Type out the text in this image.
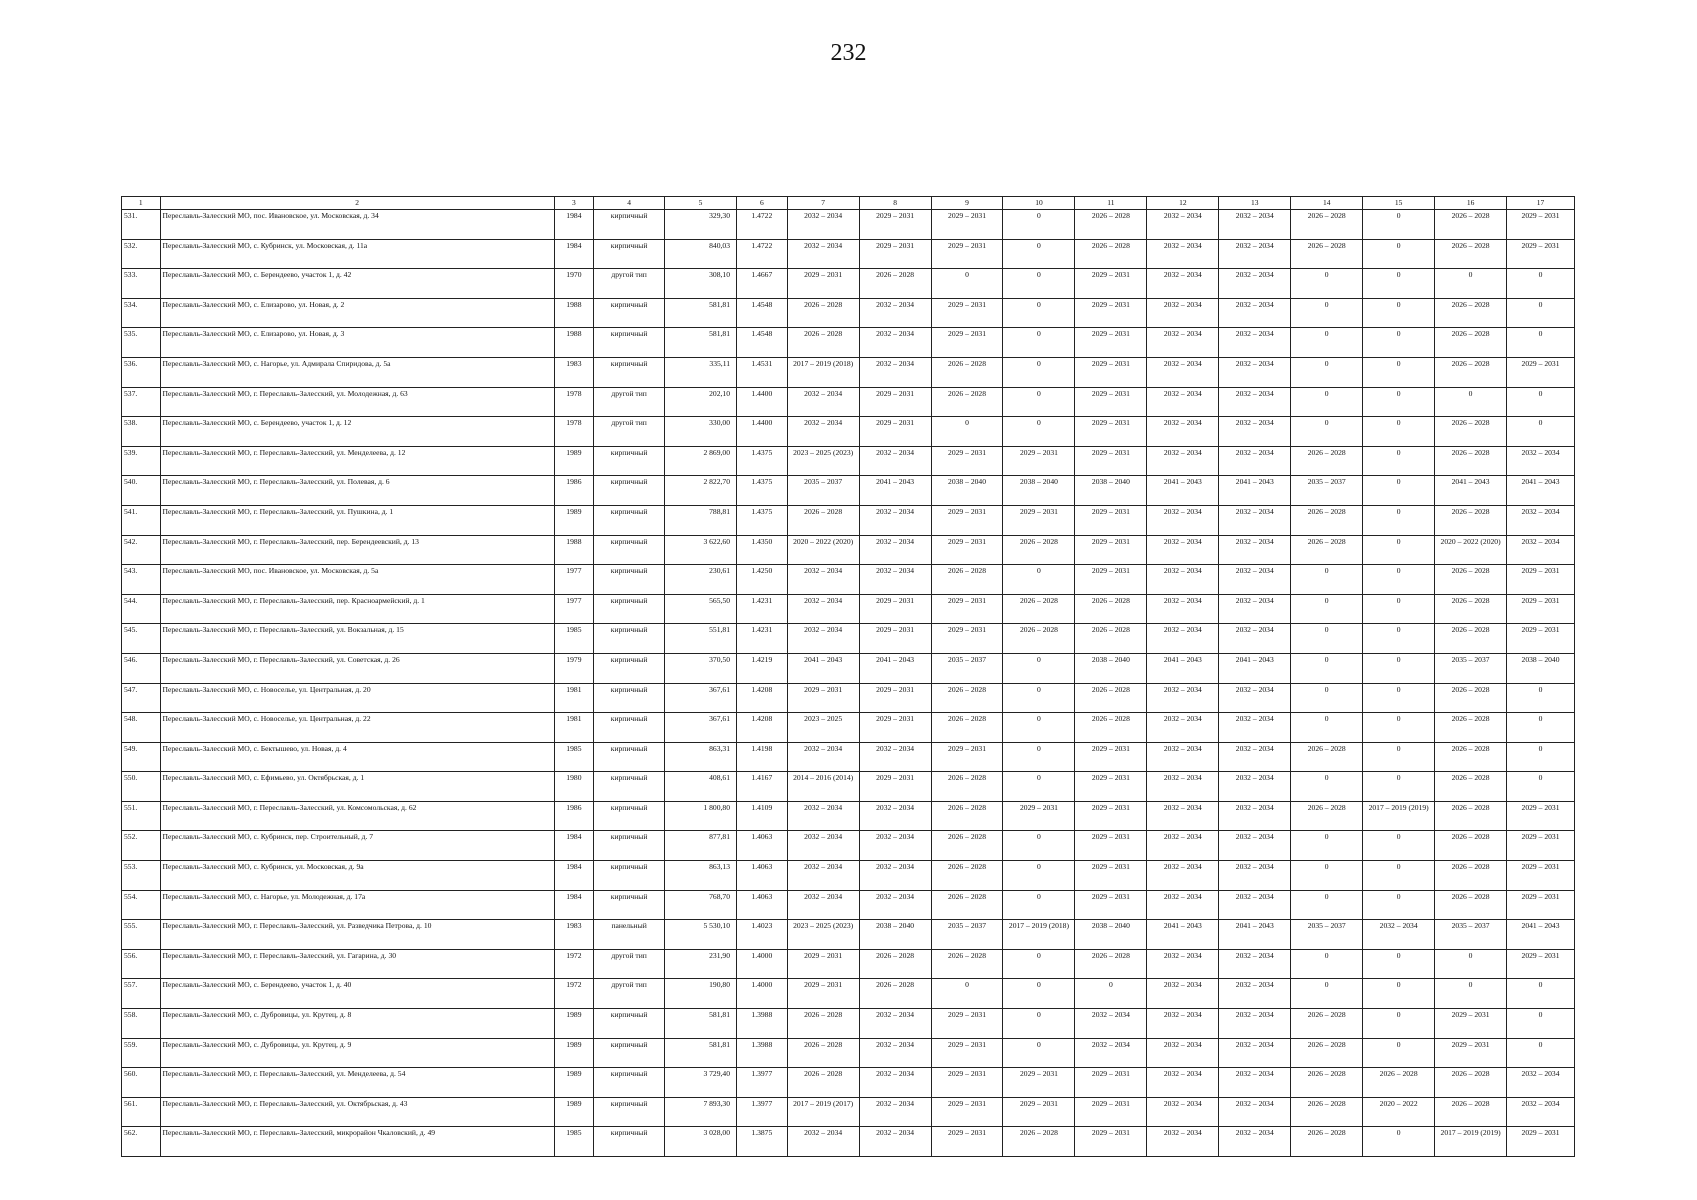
232
1	2	3	4	5	6	7	8	9	10	11	12	13	14	15	16	17
531.	Переславль-Залесский МО, пос. Ивановское, ул. Московская, д. 34	1984	кирпичный	329,30	1.4722	2032 – 2034	2029 – 2031	2029 – 2031	0	2026 – 2028	2032 – 2034	2032 – 2034	2026 – 2028	0	2026 – 2028	2029 – 2031
532.	Переславль-Залесский МО, с. Кубринск, ул. Московская, д. 11а	1984	кирпичный	840,03	1.4722	2032 – 2034	2029 – 2031	2029 – 2031	0	2026 – 2028	2032 – 2034	2032 – 2034	2026 – 2028	0	2026 – 2028	2029 – 2031
533.	Переславль-Залесский МО, с. Берендеево, участок 1, д. 42	1970	другой тип	308,10	1.4667	2029 – 2031	2026 – 2028	0	0	2029 – 2031	2032 – 2034	2032 – 2034	0	0	0	0
534.	Переславль-Залесский МО, с. Елизарово, ул. Новая, д. 2	1988	кирпичный	581,81	1.4548	2026 – 2028	2032 – 2034	2029 – 2031	0	2029 – 2031	2032 – 2034	2032 – 2034	0	0	2026 – 2028	0
535.	Переславль-Залесский МО, с. Елизарово, ул. Новая, д. 3	1988	кирпичный	581,81	1.4548	2026 – 2028	2032 – 2034	2029 – 2031	0	2029 – 2031	2032 – 2034	2032 – 2034	0	0	2026 – 2028	0
536.	Переславль-Залесский МО, с. Нагорье, ул. Адмирала Спиридова, д. 5а	1983	кирпичный	335,11	1.4531	2017 – 2019 (2018)	2032 – 2034	2026 – 2028	0	2029 – 2031	2032 – 2034	2032 – 2034	0	0	2026 – 2028	2029 – 2031
537.	Переславль-Залесский МО, г. Переславль-Залесский, ул. Молодежная, д. 63	1978	другой тип	202,10	1.4400	2032 – 2034	2029 – 2031	2026 – 2028	0	2029 – 2031	2032 – 2034	2032 – 2034	0	0	0	0
538.	Переславль-Залесский МО, с. Берендеево, участок 1, д. 12	1978	другой тип	330,00	1.4400	2032 – 2034	2029 – 2031	0	0	2029 – 2031	2032 – 2034	2032 – 2034	0	0	2026 – 2028	0
539.	Переславль-Залесский МО, г. Переславль-Залесский, ул. Менделеева, д. 12	1989	кирпичный	2 869,00	1.4375	2023 – 2025 (2023)	2032 – 2034	2029 – 2031	2029 – 2031	2029 – 2031	2032 – 2034	2032 – 2034	2026 – 2028	0	2026 – 2028	2032 – 2034
540.	Переславль-Залесский МО, г. Переславль-Залесский, ул. Полевая, д. 6	1986	кирпичный	2 822,70	1.4375	2035 – 2037	2041 – 2043	2038 – 2040	2038 – 2040	2038 – 2040	2041 – 2043	2041 – 2043	2035 – 2037	0	2041 – 2043	2041 – 2043
541.	Переславль-Залесский МО, г. Переславль-Залесский, ул. Пушкина, д. 1	1989	кирпичный	788,81	1.4375	2026 – 2028	2032 – 2034	2029 – 2031	2029 – 2031	2029 – 2031	2032 – 2034	2032 – 2034	2026 – 2028	0	2026 – 2028	2032 – 2034
542.	Переславль-Залесский МО, г. Переславль-Залесский, пер. Берендеевский, д. 13	1988	кирпичный	3 622,60	1.4350	2020 – 2022 (2020)	2032 – 2034	2029 – 2031	2026 – 2028	2029 – 2031	2032 – 2034	2032 – 2034	2026 – 2028	0	2020 – 2022 (2020)	2032 – 2034
543.	Переславль-Залесский МО, пос. Ивановское, ул. Московская, д. 5а	1977	кирпичный	230,61	1.4250	2032 – 2034	2032 – 2034	2026 – 2028	0	2029 – 2031	2032 – 2034	2032 – 2034	0	0	2026 – 2028	2029 – 2031
544.	Переславль-Залесский МО, г. Переславль-Залесский, пер. Красноармейский, д. 1	1977	кирпичный	565,50	1.4231	2032 – 2034	2029 – 2031	2029 – 2031	2026 – 2028	2026 – 2028	2032 – 2034	2032 – 2034	0	0	2026 – 2028	2029 – 2031
545.	Переславль-Залесский МО, г. Переславль-Залесский, ул. Вокзальная, д. 15	1985	кирпичный	551,81	1.4231	2032 – 2034	2029 – 2031	2029 – 2031	2026 – 2028	2026 – 2028	2032 – 2034	2032 – 2034	0	0	2026 – 2028	2029 – 2031
546.	Переславль-Залесский МО, г. Переславль-Залесский, ул. Советская, д. 26	1979	кирпичный	370,50	1.4219	2041 – 2043	2041 – 2043	2035 – 2037	0	2038 – 2040	2041 – 2043	2041 – 2043	0	0	2035 – 2037	2038 – 2040
547.	Переславль-Залесский МО, с. Новоселье, ул. Центральная, д. 20	1981	кирпичный	367,61	1.4208	2029 – 2031	2029 – 2031	2026 – 2028	0	2026 – 2028	2032 – 2034	2032 – 2034	0	0	2026 – 2028	0
548.	Переславль-Залесский МО, с. Новоселье, ул. Центральная, д. 22	1981	кирпичный	367,61	1.4208	2023 – 2025	2029 – 2031	2026 – 2028	0	2026 – 2028	2032 – 2034	2032 – 2034	0	0	2026 – 2028	0
549.	Переславль-Залесский МО, с. Бектышево, ул. Новая, д. 4	1985	кирпичный	863,31	1.4198	2032 – 2034	2032 – 2034	2029 – 2031	0	2029 – 2031	2032 – 2034	2032 – 2034	2026 – 2028	0	2026 – 2028	0
550.	Переславль-Залесский МО, с. Ефимьево, ул. Октябрьская, д. 1	1980	кирпичный	408,61	1.4167	2014 – 2016 (2014)	2029 – 2031	2026 – 2028	0	2029 – 2031	2032 – 2034	2032 – 2034	0	0	2026 – 2028	0
551.	Переславль-Залесский МО, г. Переславль-Залесский, ул. Комсомольская, д. 62	1986	кирпичный	1 800,80	1.4109	2032 – 2034	2032 – 2034	2026 – 2028	2029 – 2031	2029 – 2031	2032 – 2034	2032 – 2034	2026 – 2028	2017 – 2019 (2019)	2026 – 2028	2029 – 2031
552.	Переславль-Залесский МО, с. Кубринск, пер. Строительный, д. 7	1984	кирпичный	877,81	1.4063	2032 – 2034	2032 – 2034	2026 – 2028	0	2029 – 2031	2032 – 2034	2032 – 2034	0	0	2026 – 2028	2029 – 2031
553.	Переславль-Залесский МО, с. Кубринск, ул. Московская, д. 9а	1984	кирпичный	863,13	1.4063	2032 – 2034	2032 – 2034	2026 – 2028	0	2029 – 2031	2032 – 2034	2032 – 2034	0	0	2026 – 2028	2029 – 2031
554.	Переславль-Залесский МО, с. Нагорье, ул. Молодежная, д. 17а	1984	кирпичный	768,70	1.4063	2032 – 2034	2032 – 2034	2026 – 2028	0	2029 – 2031	2032 – 2034	2032 – 2034	0	0	2026 – 2028	2029 – 2031
555.	Переславль-Залесский МО, г. Переславль-Залесский, ул. Разведчика Петрова, д. 10	1983	панельный	5 530,10	1.4023	2023 – 2025 (2023)	2038 – 2040	2035 – 2037	2017 – 2019 (2018)	2038 – 2040	2041 – 2043	2041 – 2043	2035 – 2037	2032 – 2034	2035 – 2037	2041 – 2043
556.	Переславль-Залесский МО, г. Переславль-Залесский, ул. Гагарина, д. 30	1972	другой тип	231,90	1.4000	2029 – 2031	2026 – 2028	2026 – 2028	0	2026 – 2028	2032 – 2034	2032 – 2034	0	0	0	2029 – 2031
557.	Переславль-Залесский МО, с. Берендеево, участок 1, д. 40	1972	другой тип	190,80	1.4000	2029 – 2031	2026 – 2028	0	0	0	2032 – 2034	2032 – 2034	0	0	0	0
558.	Переславль-Залесский МО, с. Дубровицы, ул. Крутец, д. 8	1989	кирпичный	581,81	1.3988	2026 – 2028	2032 – 2034	2029 – 2031	0	2032 – 2034	2032 – 2034	2032 – 2034	2026 – 2028	0	2029 – 2031	0
559.	Переславль-Залесский МО, с. Дубровицы, ул. Крутец, д. 9	1989	кирпичный	581,81	1.3988	2026 – 2028	2032 – 2034	2029 – 2031	0	2032 – 2034	2032 – 2034	2032 – 2034	2026 – 2028	0	2029 – 2031	0
560.	Переславль-Залесский МО, г. Переславль-Залесский, ул. Менделеева, д. 54	1989	кирпичный	3 729,40	1.3977	2026 – 2028	2032 – 2034	2029 – 2031	2029 – 2031	2029 – 2031	2032 – 2034	2032 – 2034	2026 – 2028	2026 – 2028	2026 – 2028	2032 – 2034
561.	Переславль-Залесский МО, г. Переславль-Залесский, ул. Октябрьская, д. 43	1989	кирпичный	7 893,30	1.3977	2017 – 2019 (2017)	2032 – 2034	2029 – 2031	2029 – 2031	2029 – 2031	2032 – 2034	2032 – 2034	2026 – 2028	2020 – 2022	2026 – 2028	2032 – 2034
562.	Переславль-Залесский МО, г. Переславль-Залесский, микрорайон Чкаловский, д. 49	1985	кирпичный	3 028,00	1.3875	2032 – 2034	2032 – 2034	2029 – 2031	2026 – 2028	2029 – 2031	2032 – 2034	2032 – 2034	2026 – 2028	0	2017 – 2019 (2019)	2029 – 2031
